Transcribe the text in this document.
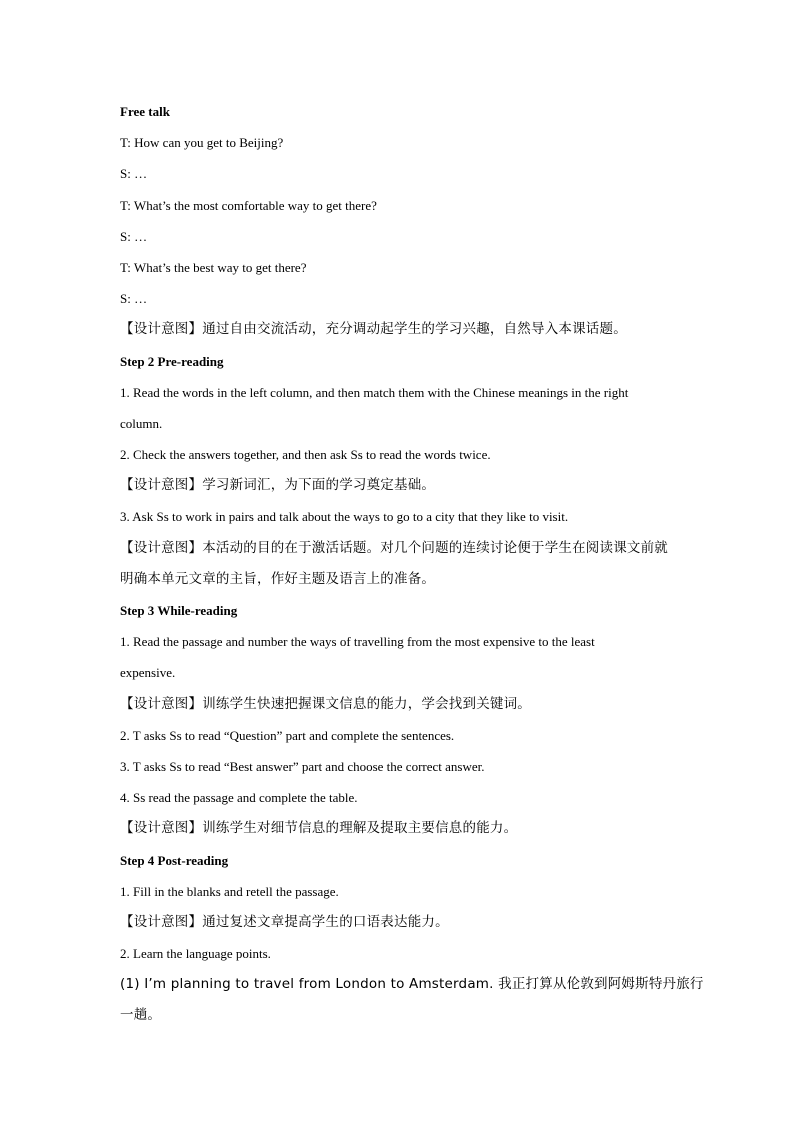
Free talk
T: How can you get to Beijing?
S: …
T: What’s the most comfortable way to get there?
S: …
T: What’s the best way to get there?
S: …
【设计意图】通过自由交流活动，充分调动起学生的学习兴趣，自然导入本课话题。
Step 2 Pre-reading
1. Read the words in the left column, and then match them with the Chinese meanings in the right
column.
2. Check the answers together, and then ask Ss to read the words twice.
【设计意图】学习新词汇，为下面的学习奠定基础。
3. Ask Ss to work in pairs and talk about the ways to go to a city that they like to visit.
【设计意图】本活动的目的在于激活话题。对几个问题的连续讨论便于学生在阅读课文前就
明确本单元文章的主旨，作好主题及语言上的准备。
Step 3 While-reading
1. Read the passage and number the ways of travelling from the most expensive to the least
expensive.
【设计意图】训练学生快速把握课文信息的能力，学会找到关键词。
2. T asks Ss to read “Question” part and complete the sentences.
3. T asks Ss to read “Best answer” part and choose the correct answer.
4. Ss read the passage and complete the table.
【设计意图】训练学生对细节信息的理解及提取主要信息的能力。
Step 4 Post-reading
1. Fill in the blanks and retell the passage.
【设计意图】通过复述文章提高学生的口语表达能力。
2. Learn the language points.
(1) I’m planning to travel from London to Amsterdam. 我正打算从伦敦到阿姆斯特丹旅行
一趟。
